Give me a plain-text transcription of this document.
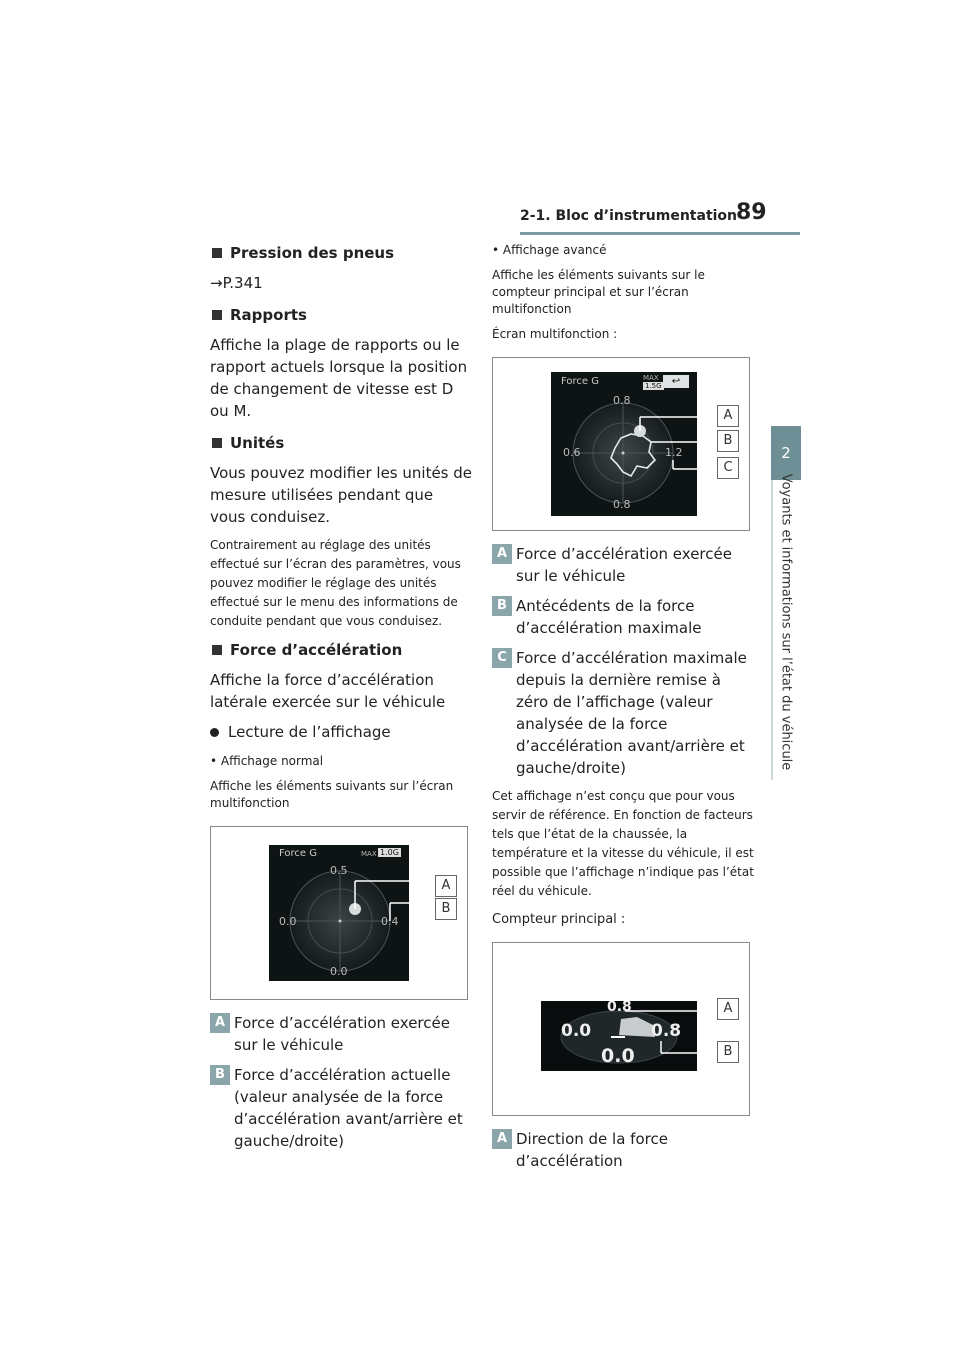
2-1. Bloc d’instrumentation
89
2
Voyants et informations sur l’état du véhicule
Pression des pneus
→P.341
Rapports
Affiche la plage de rapports ou le rapport actuels lorsque la position de changement de vitesse est D ou M.
Unités
Vous pouvez modifier les unités de mesure utilisées pendant que vous conduisez.
Contrairement au réglage des unités effectué sur l’écran des paramètres, vous pouvez modifier le réglage des unités effectué sur le menu des informations de conduite pendant que vous conduisez.
Force d’accélération
Affiche la force d’accélération latérale exercée sur le véhicule
Lecture de l’affichage
• Affichage normal
Affiche les éléments suivants sur l’écran multifonction
Force G	MAX 1.0G
0.5
0.0	0.4
0.0
A
B
A Force d’accélération exercée sur le véhicule
B Force d’accélération actuelle (valeur analysée de la force d’accélération avant/arrière et gauche/droite)
• Affichage avancé
Affiche les éléments suivants sur le compteur principal et sur l’écran multifonction
Écran multifonction :
Force G	MAX
1.5G	↩
0.8
0.6	1.2
0.8
A
B
C
A Force d’accélération exercée sur le véhicule
B Antécédents de la force d’accélération maximale
C Force d’accélération maximale depuis la dernière remise à zéro de l’affichage (valeur analysée de la force d’accélération avant/arrière et gauche/droite)
Cet affichage n’est conçu que pour vous servir de référence. En fonction de facteurs tels que l’état de la chaussée, la température et la vitesse du véhicule, il est possible que l’affichage n’indique pas l’état réel du véhicule.
Compteur principal :
0.8
0.0	0.8
0.0
A
B
A Direction de la force d’accélération
